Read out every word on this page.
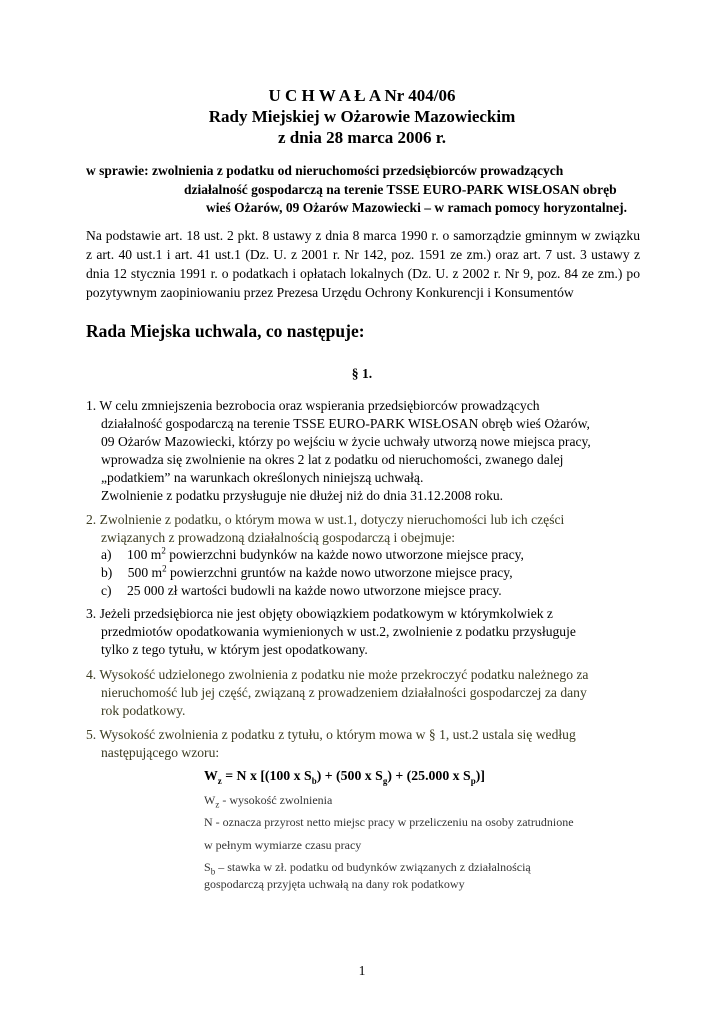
U C H W A Ł A Nr 404/06
Rady Miejskiej w Ożarowie Mazowieckim
z dnia 28 marca 2006 r.
w sprawie: zwolnienia z podatku od nieruchomości przedsiębiorców prowadzących
działalność gospodarczą na terenie TSSE EURO-PARK WISŁOSAN obręb
wieś Ożarów, 09 Ożarów Mazowiecki – w ramach pomocy horyzontalnej.
Na podstawie art. 18 ust. 2 pkt. 8 ustawy z dnia 8 marca 1990 r. o samorządzie gminnym w związku z art. 40 ust.1 i art. 41 ust.1 (Dz. U. z 2001 r. Nr 142, poz. 1591 ze zm.) oraz art. 7 ust. 3 ustawy z dnia 12 stycznia 1991 r. o podatkach i opłatach lokalnych (Dz. U. z 2002 r. Nr 9, poz. 84 ze zm.) po pozytywnym zaopiniowaniu przez Prezesa Urzędu Ochrony Konkurencji i Konsumentów
Rada Miejska uchwala, co następuje:
§ 1.
1. W celu zmniejszenia bezrobocia oraz wspierania przedsiębiorców prowadzących
działalność gospodarczą na terenie TSSE EURO-PARK WISŁOSAN obręb wieś Ożarów,
09 Ożarów Mazowiecki, którzy po wejściu w życie uchwały utworzą nowe miejsca pracy,
wprowadza się zwolnienie na okres 2 lat z podatku od nieruchomości, zwanego dalej
„podatkiem” na warunkach określonych niniejszą uchwałą.
Zwolnienie z podatku przysługuje nie dłużej niż do dnia 31.12.2008 roku.
2. Zwolnienie z podatku, o którym mowa w ust.1, dotyczy nieruchomości lub ich części
związanych z prowadzoną działalnością gospodarczą i obejmuje:
a) 100 $m^2$ powierzchni budynków na każde nowo utworzone miejsce pracy,
b) 500 $m^2$ powierzchni gruntów na każde nowo utworzone miejsce pracy,
c) 25 000 zł wartości budowli na każde nowo utworzone miejsce pracy.
3. Jeżeli przedsiębiorca nie jest objęty obowiązkiem podatkowym w którymkolwiek z
przedmiotów opodatkowania wymienionych w ust.2, zwolnienie z podatku przysługuje
tylko z tego tytułu, w którym jest opodatkowany.
4. Wysokość udzielonego zwolnienia z podatku nie może przekroczyć podatku należnego za
nieruchomość lub jej część, związaną z prowadzeniem działalności gospodarczej za dany
rok podatkowy.
5. Wysokość zwolnienia z podatku z tytułu, o którym mowa w § 1, ust.2 ustala się według
następującego wzoru:
$W_z = N$ x [(100 x $S_b) + (500$ x $S_g) + (25.000$ x $S_p$)]
$W_z$ - wysokość zwolnienia
N - oznacza przyrost netto miejsc pracy w przeliczeniu na osoby zatrudnione
w pełnym wymiarze czasu pracy
$S_b$ – stawka w zł. podatku od budynków związanych z działalnością
gospodarczą przyjęta uchwałą na dany rok podatkowy
1
